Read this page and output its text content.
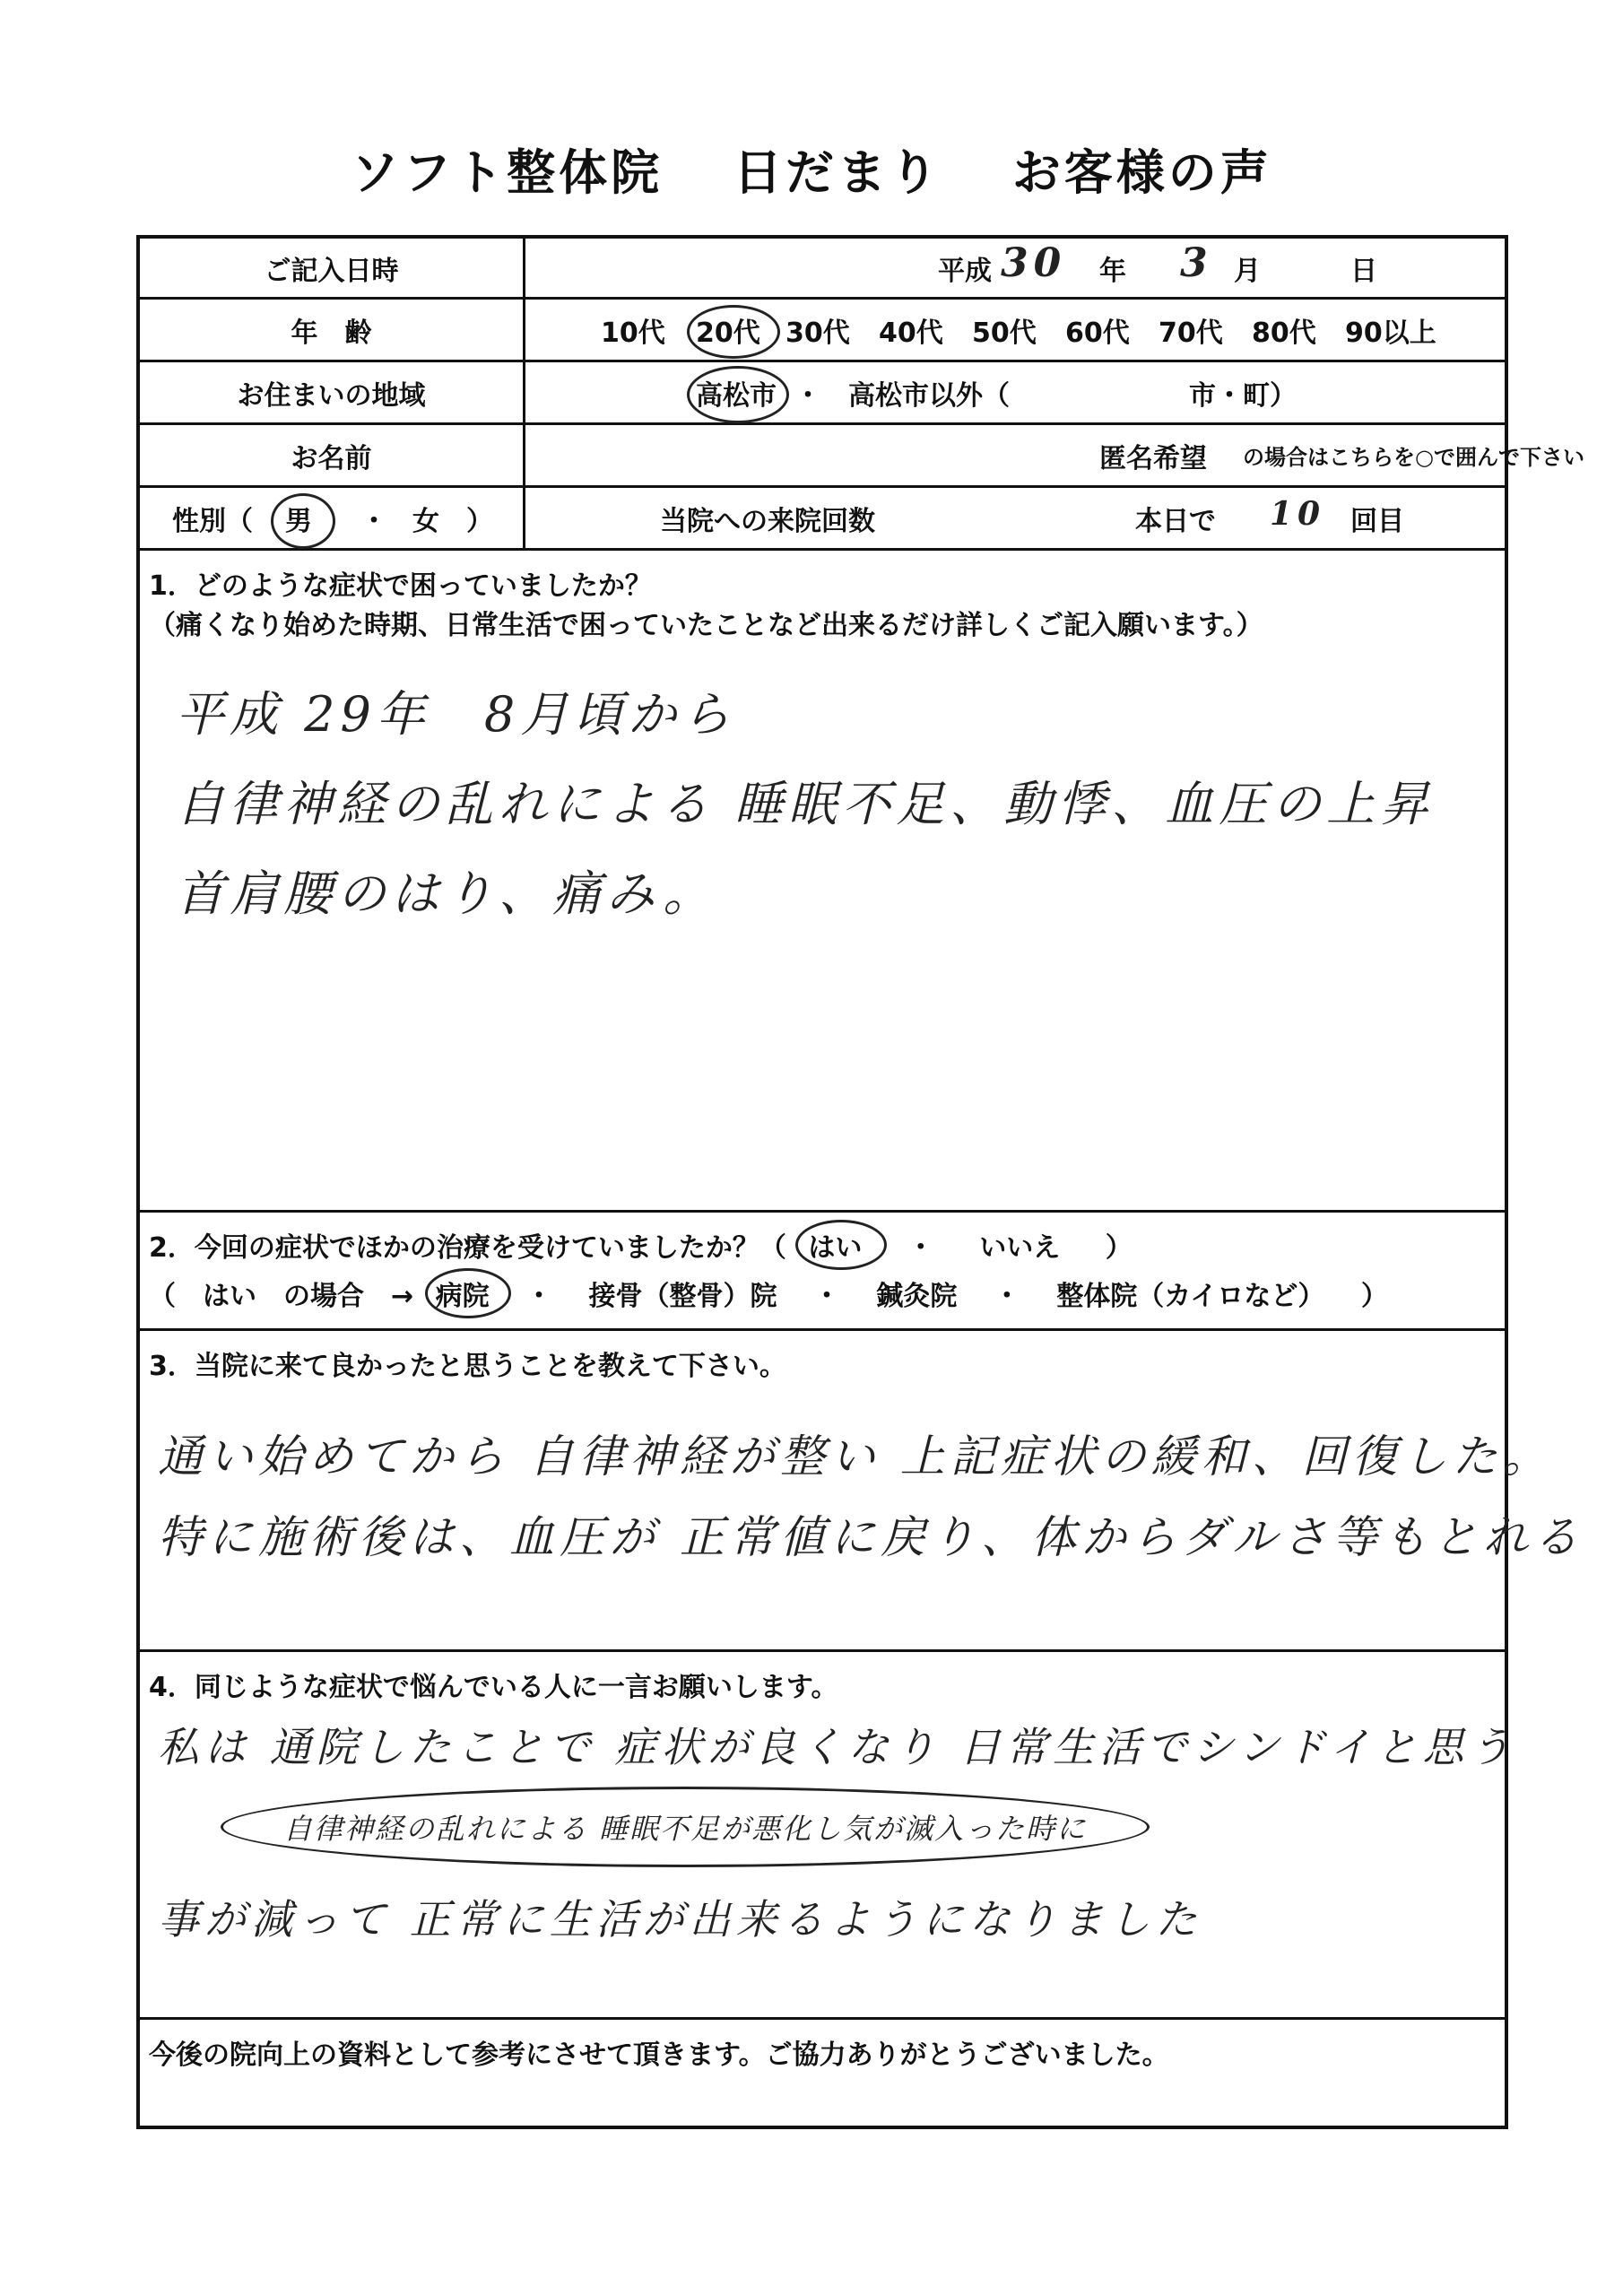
ソフト整体院 日だまり お客様の声
ご記入日時	平成 30 年 3 月	日
年　齢	10代 20代 30代 40代 50代 60代 70代 80代 90以上
お住まいの地域	高松市 ・ 高松市以外（	市・町）
お名前	匿名希望 の場合はこちらを○で囲んで下さい
性別（ 男 ・ 女 ）	当院への来院回数	本日で 10 回目
1．どのような症状で困っていましたか？
（痛くなり始めた時期、日常生活で困っていたことなど出来るだけ詳しくご記入願います。）
平成 29年　8月頃から
自律神経の乱れによる 睡眠不足、動悸、血圧の上昇
首肩腰のはり、痛み。
2．今回の症状でほかの治療を受けていましたか？（ はい ・ いいえ ）
（　はい　の場合　→ 病院 ・ 接骨（整骨）院 ・ 鍼灸院 ・ 整体院（カイロなど） ）
3．当院に来て良かったと思うことを教えて下さい。
通い始めてから 自律神経が整い 上記症状の緩和、回復した。
特に施術後は、血圧が 正常値に戻り、体からダルさ等もとれる
4．同じような症状で悩んでいる人に一言お願いします。
私は 通院したことで 症状が良くなり 日常生活でシンドイと思う
自律神経の乱れによる 睡眠不足が悪化し気が滅入った時に
事が減って 正常に生活が出来るようになりました
今後の院向上の資料として参考にさせて頂きます。ご協力ありがとうございました。
